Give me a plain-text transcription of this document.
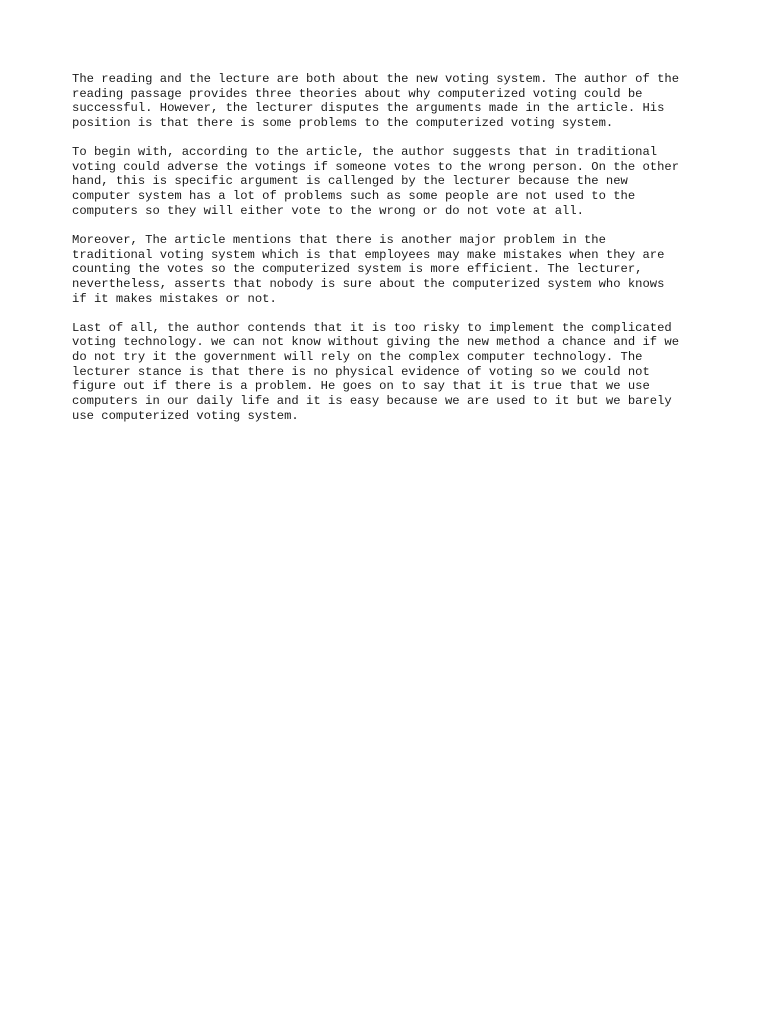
The reading and the lecture are both about the new voting system. The author of the
reading passage provides three theories about why computerized voting could be
successful. However, the lecturer disputes the arguments made in the article. His
position is that there is some problems to the computerized voting system.

To begin with, according to the article, the author suggests that in traditional
voting could adverse the votings if someone votes to the wrong person. On the other
hand, this is specific argument is callenged by the lecturer because the new
computer system has a lot of problems such as some people are not used to the
computers so they will either vote to the wrong or do not vote at all.

Moreover, The article mentions that there is another major problem in the
traditional voting system which is that employees may make mistakes when they are
counting the votes so the computerized system is more efficient. The lecturer,
nevertheless, asserts that nobody is sure about the computerized system who knows
if it makes mistakes or not.

Last of all, the author contends that it is too risky to implement the complicated
voting technology. we can not know without giving the new method a chance and if we
do not try it the government will rely on the complex computer technology. The
lecturer stance is that there is no physical evidence of voting so we could not
figure out if there is a problem. He goes on to say that it is true that we use
computers in our daily life and it is easy because we are used to it but we barely
use computerized voting system.
